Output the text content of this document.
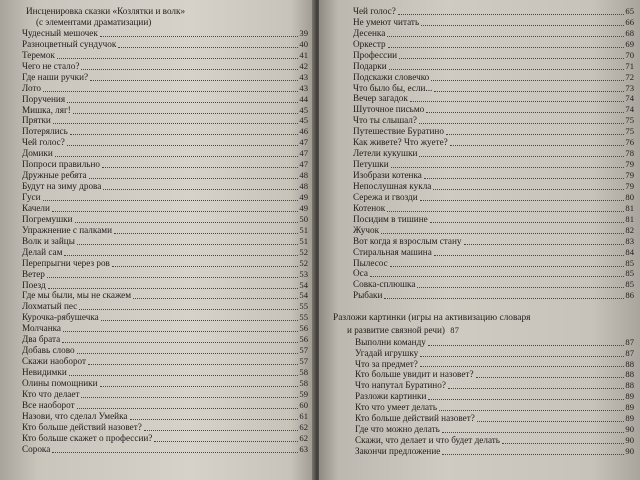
Инсценировка сказки «Козлятки и волк»
(с элементами драматизации)
Чудесный мешочек	39
Разноцветный сундучок	40
Теремок	41
Чего не стало?	42
Где наши ручки?	43
Лото	43
Поручения	44
Мишка, ляг!	45
Прятки	45
Потерялись	46
Чей голос?	47
Домики	47
Попроси правильно	47
Дружные ребята	48
Будут на зиму дрова	48
Гуси	49
Качели	49
Погремушки	50
Упражнение с палками	51
Волк и зайцы	51
Делай сам	52
Перепрыгни через ров	52
Ветер	53
Поезд	54
Где мы были, мы не скажем	54
Лохматый пес	55
Курочка-рябушечка	55
Молчанка	56
Два брата	56
Добавь слово	57
Скажи наоборот	57
Невидимки	58
Олины помощники	58
Кто что делает	59
Все наоборот	60
Назови, что сделал Умейка	61
Кто больше действий назовет?	62
Кто больше скажет о профессии?	62
Сорока	63
Чей голос?	65
Не умеют читать	66
Десенка	68
Оркестр	69
Профессии	70
Подарки	71
Подскажи словечко	72
Что было бы, если...	73
Вечер загадок	74
Шуточное письмо	74
Что ты слышал?	75
Путешествие Буратино	75
Как живете? Что жуете?	76
Летели кукушки	78
Петушки	79
Изобрази котенка	79
Непослушная кукла	79
Сережа и гвозди	80
Котенок	81
Посидим в тишине	81
Жучок	82
Вот когда я взрослым стану	83
Стиральная машина	84
Пылесос	85
Оса	85
Совка-сплюшка	85
Рыбаки	86
Разложи картинки (игры на активизацию словаря
и развитие связной речи) 87
Выполни команду	87
Угадай игрушку	87
Что за предмет?	88
Кто больше увидит и назовет?	88
Что напутал Буратино?	88
Разложи картинки	89
Кто что умеет делать	89
Кто больше действий назовет?	89
Где что можно делать	90
Скажи, что делает и что будет делать	90
Закончи предложение	90
